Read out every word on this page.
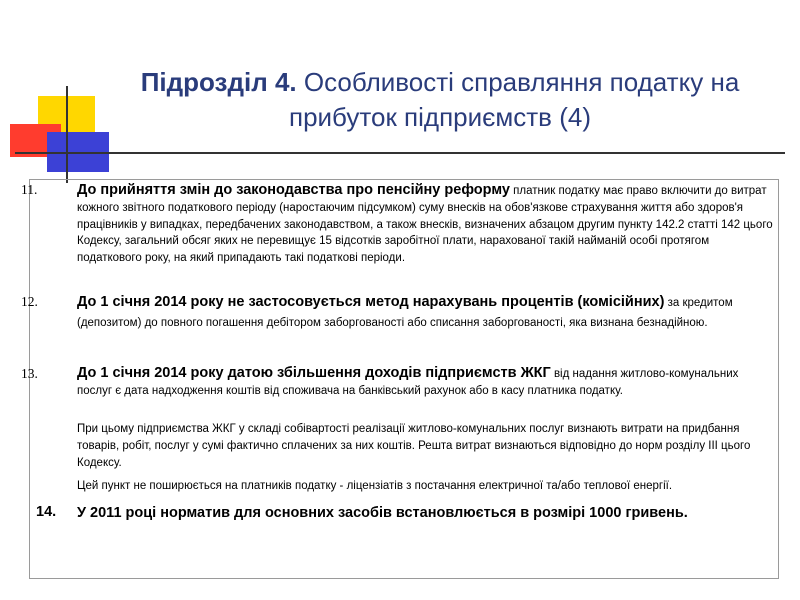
Підрозділ 4. Особливості справляння податку на прибуток підприємств (4)
11.	До прийняття змін до законодавства про пенсійну реформу платник податку має право включити до витрат кожного звітного податкового періоду (наростаючим підсумком) суму внесків на обов'язкове страхування життя або здоров'я працівників у випадках, передбачених законодавством, а також внесків, визначених абзацом другим пункту 142.2 статті 142 цього Кодексу, загальний обсяг яких не перевищує 15 відсотків заробітної плати, нарахованої такій найманій особі протягом податкового року, на який припадають такі податкові періоди.
12.	До 1 січня 2014 року не застосовується метод нарахувань процентів (комісійних) за кредитом (депозитом) до повного погашення дебітором заборгованості або списання заборгованості, яка визнана безнадійною.
13.	До 1 січня 2014 року датою збільшення доходів підприємств ЖКГ від надання житлово-комунальних послуг є дата надходження коштів від споживача на банківський рахунок або в касу платника податку.
При цьому підприємства ЖКГ у складі собівартості реалізації житлово-комунальних послуг визнають витрати на придбання товарів, робіт, послуг у сумі фактично сплачених за них коштів. Решта витрат визнаються відповідно до норм розділу ІІІ цього Кодексу.
Цей пункт не поширюється на платників податку - ліцензіатів з постачання електричної та/або теплової енергії.
14. У 2011 році норматив для основних засобів встановлюється в розмірі 1000 гривень.
